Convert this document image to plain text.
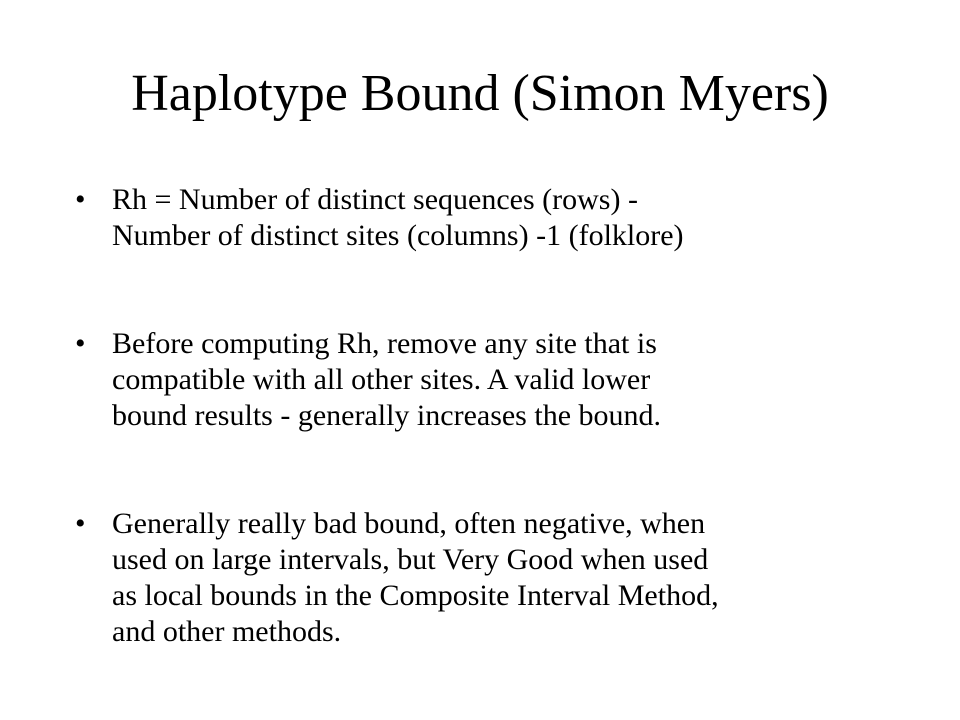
Haplotype Bound (Simon Myers)
• Rh = Number of distinct sequences (rows) -
Number of distinct sites (columns) -1 (folklore)
• Before computing Rh, remove any site that is
compatible with all other sites. A valid lower
bound results - generally increases the bound.
• Generally really bad bound, often negative, when
used on large intervals, but Very Good when used
as local bounds in the Composite Interval Method,
and other methods.
